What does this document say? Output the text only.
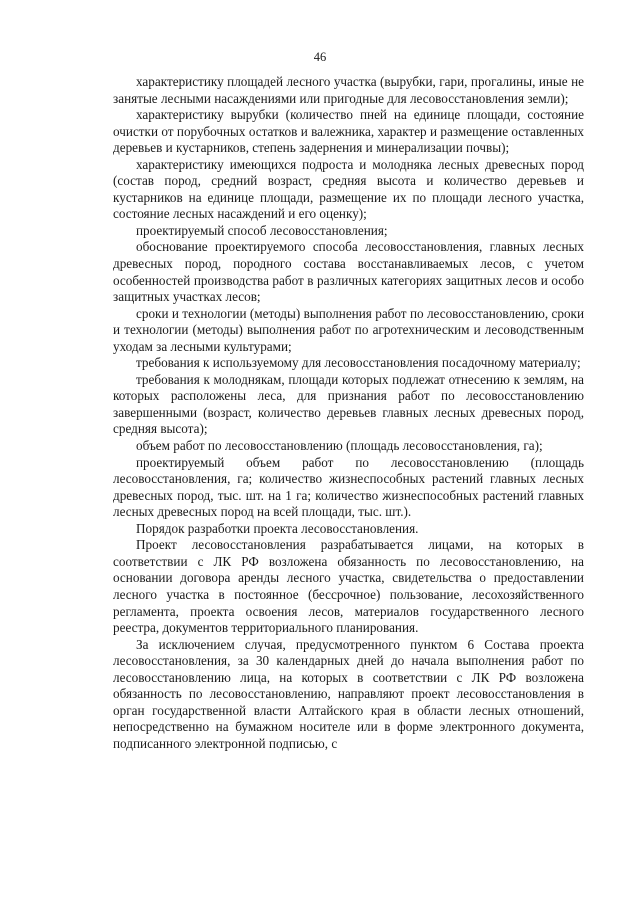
46

характеристику площадей лесного участка (вырубки, гари, прогалины, иные не занятые лесными насаждениями или пригодные для лесовосстановления земли);

характеристику вырубки (количество пней на единице площади, состояние очистки от порубочных остатков и валежника, характер и размещение оставленных деревьев и кустарников, степень задернения и минерализации почвы);

характеристику имеющихся подроста и молодняка лесных древесных пород (состав пород, средний возраст, средняя высота и количество деревьев и кустарников на единице площади, размещение их по площади лесного участка, состояние лесных насаждений и его оценку);

проектируемый способ лесовосстановления;

обоснование проектируемого способа лесовосстановления, главных лесных древесных пород, породного состава восстанавливаемых лесов, с учетом особенностей производства работ в различных категориях защитных лесов и особо защитных участках лесов;

сроки и технологии (методы) выполнения работ по лесовосстановлению, сроки и технологии (методы) выполнения работ по агротехническим и лесоводственным уходам за лесными культурами;

требования к используемому для лесовосстановления посадочному материалу;

требования к молоднякам, площади которых подлежат отнесению к землям, на которых расположены леса, для признания работ по лесовосстановлению завершенными (возраст, количество деревьев главных лесных древесных пород, средняя высота);

объем работ по лесовосстановлению (площадь лесовосстановления, га);

проектируемый объем работ по лесовосстановлению (площадь лесовосстановления, га; количество жизнеспособных растений главных лесных древесных пород, тыс. шт. на 1 га; количество жизнеспособных растений главных лесных древесных пород на всей площади, тыс. шт.).

Порядок разработки проекта лесовосстановления.

Проект лесовосстановления разрабатывается лицами, на которых в соответствии с ЛК РФ возложена обязанность по лесовосстановлению, на основании договора аренды лесного участка, свидетельства о предоставлении лесного участка в постоянное (бессрочное) пользование, лесохозяйственного регламента, проекта освоения лесов, материалов государственного лесного реестра, документов территориального планирования.

За исключением случая, предусмотренного пунктом 6 Состава проекта лесовосстановления, за 30 календарных дней до начала выполнения работ по лесовосстановлению лица, на которых в соответствии с ЛК РФ возложена обязанность по лесовосстановлению, направляют проект лесовосстановления в орган государственной власти Алтайского края в области лесных отношений, непосредственно на бумажном носителе или в форме электронного документа, подписанного электронной подписью, с
